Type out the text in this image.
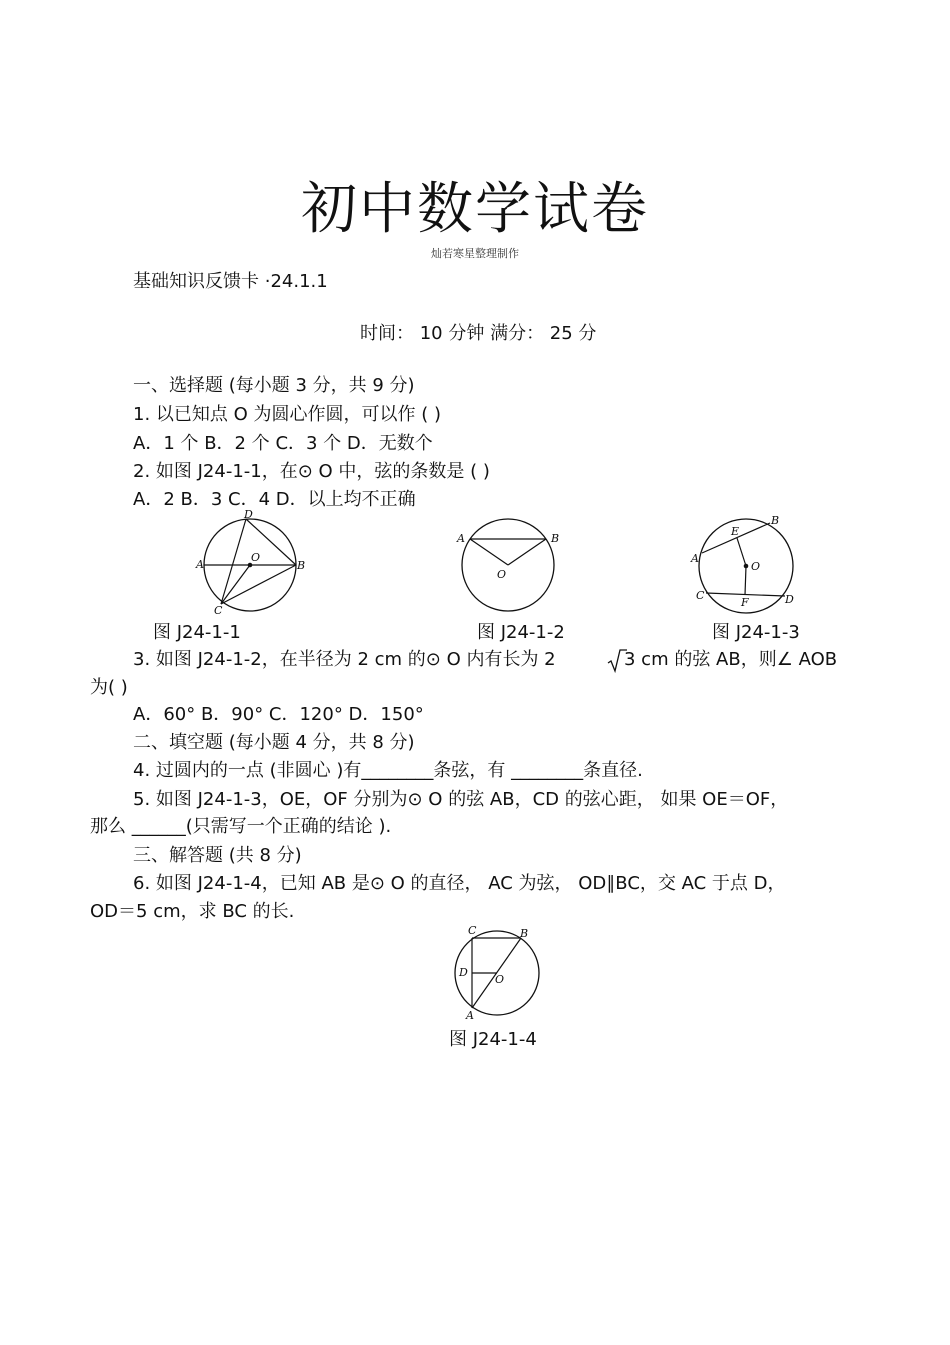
初中数学试卷
灿若寒星整理制作
基础知识反馈卡 ·24.1.1
时间： 10 分钟 满分： 25 分
一、选择题 (每小题 3 分，共 9 分)
1. 以已知点 O 为圆心作圆，可以作 ( )
A．1 个 B．2 个 C．3 个 D．无数个
2. 如图 J24-1-1，在⊙ O 中，弦的条数是 ( )
A．2 B．3 C．4 D．以上均不正确
D
A
O
B
C
图 J24-1-1
A	B
O
图 J24-1-2
E
B
A
O
C
F	D
图 J24-1-3
3. 如图 J24-1-2，在半径为 2 cm 的⊙ O 内有长为 2	3 cm 的弦 AB，则∠ AOB
为( )
A．60° B．90° C．120° D．150°
二、填空题 (每小题 4 分，共 8 分)
4. 过圆内的一点 (非圆心 )有________条弦，有 ________条直径.
5. 如图 J24-1-3，OE，OF 分别为⊙ O 的弦 AB，CD 的弦心距， 如果 OE＝OF，
那么 ______(只需写一个正确的结论 ).
三、解答题 (共 8 分)
6. 如图 J24-1-4，已知 AB 是⊙ O 的直径， AC 为弦， OD∥BC，交 AC 于点 D，
OD＝5 cm，求 BC 的长.
C	B
D
O
A
图 J24-1-4
